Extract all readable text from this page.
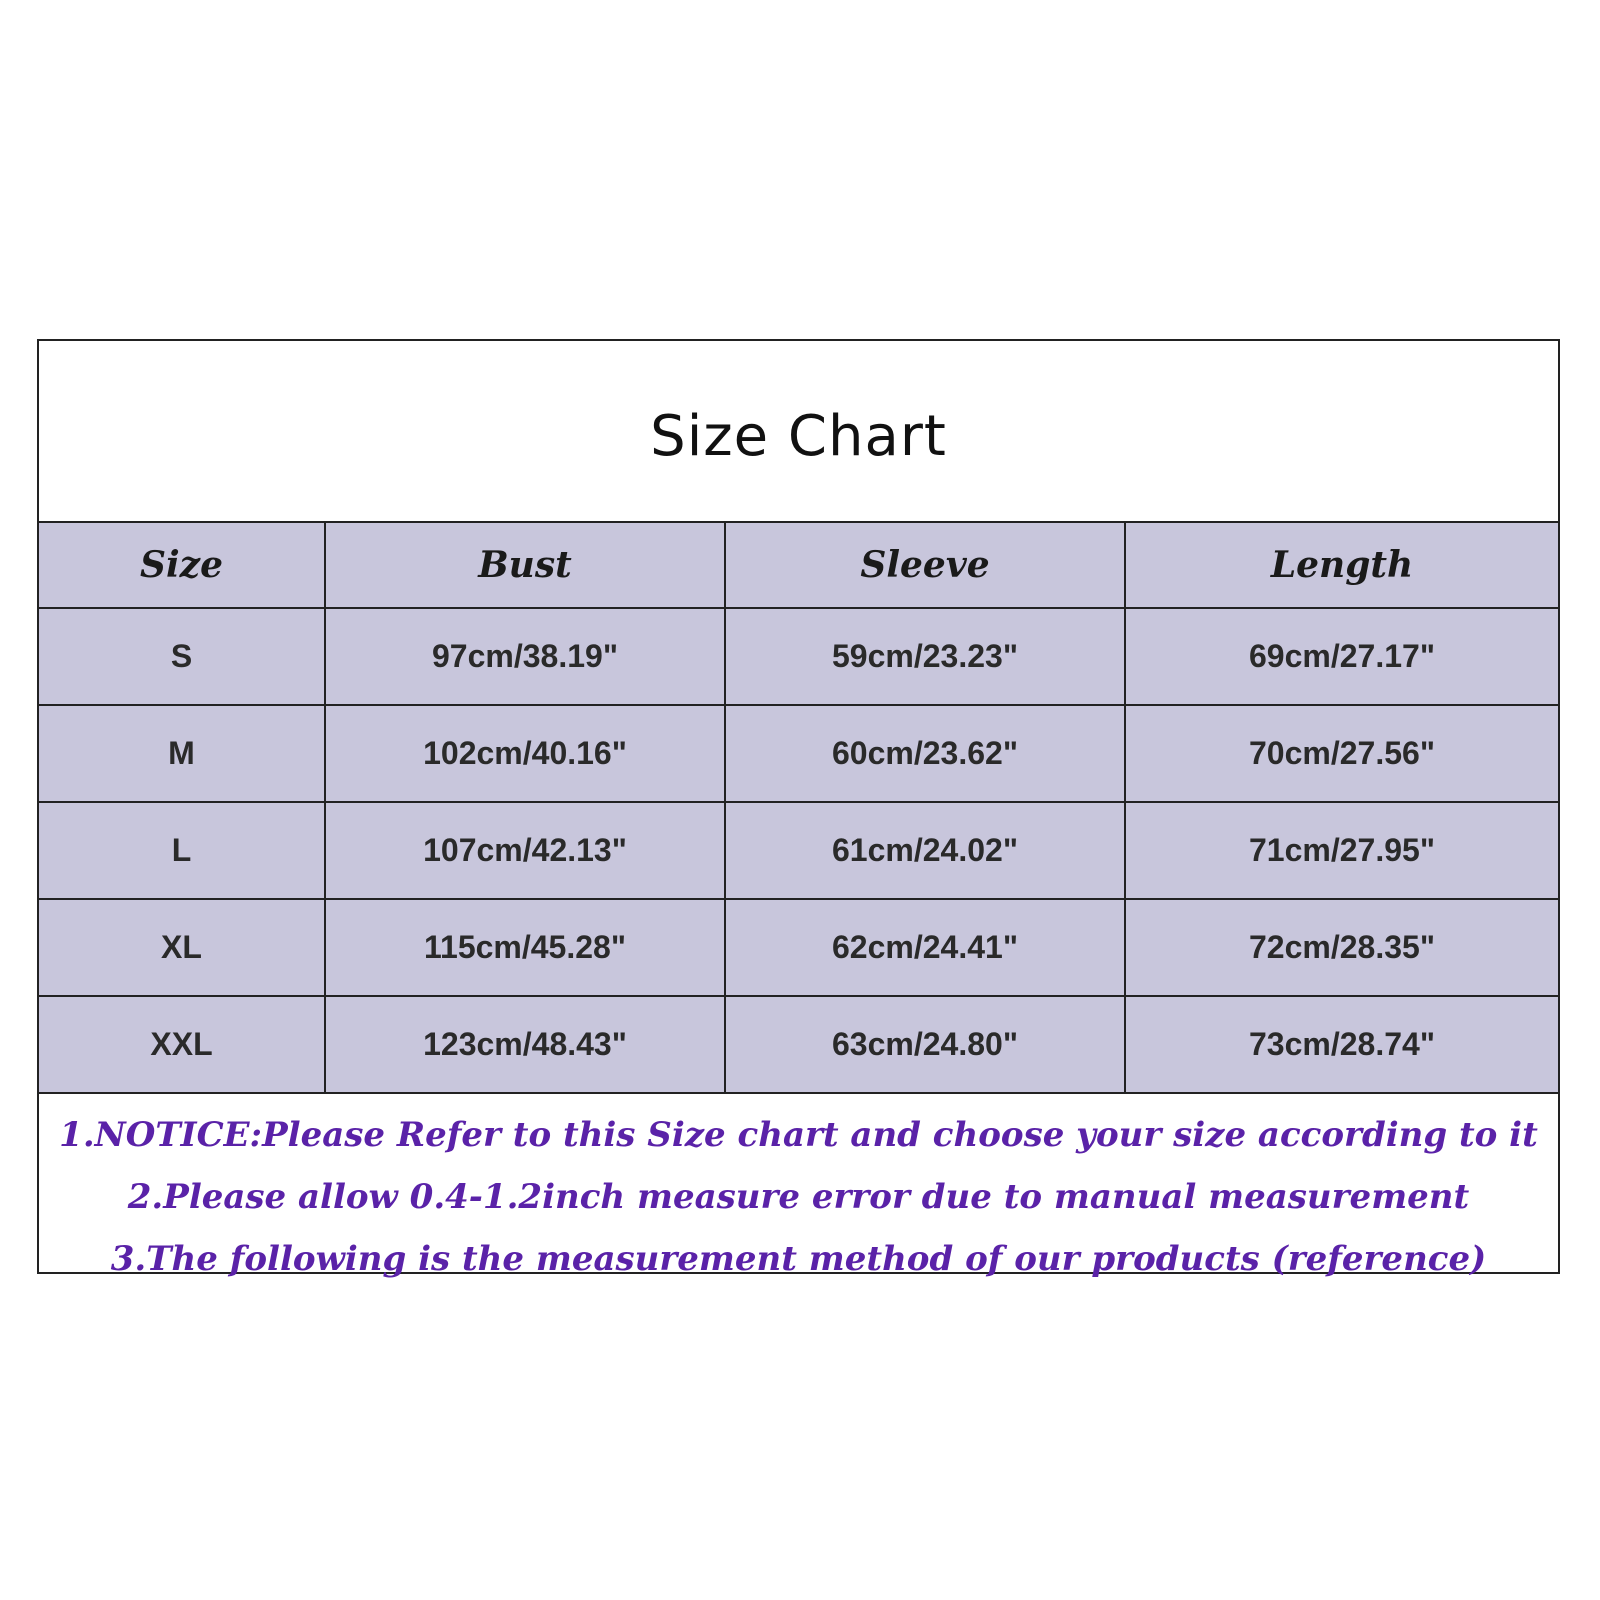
Size Chart
Size	Bust	Sleeve	Length
S	97cm/38.19"	59cm/23.23"	69cm/27.17"
M	102cm/40.16"	60cm/23.62"	70cm/27.56"
L	107cm/42.13"	61cm/24.02"	71cm/27.95"
XL	115cm/45.28"	62cm/24.41"	72cm/28.35"
XXL	123cm/48.43"	63cm/24.80"	73cm/28.74"
1.NOTICE:Please Refer to this Size chart and choose your size according to it
2.Please allow 0.4-1.2inch measure error due to manual measurement
3.The following is the measurement method of our products (reference)
